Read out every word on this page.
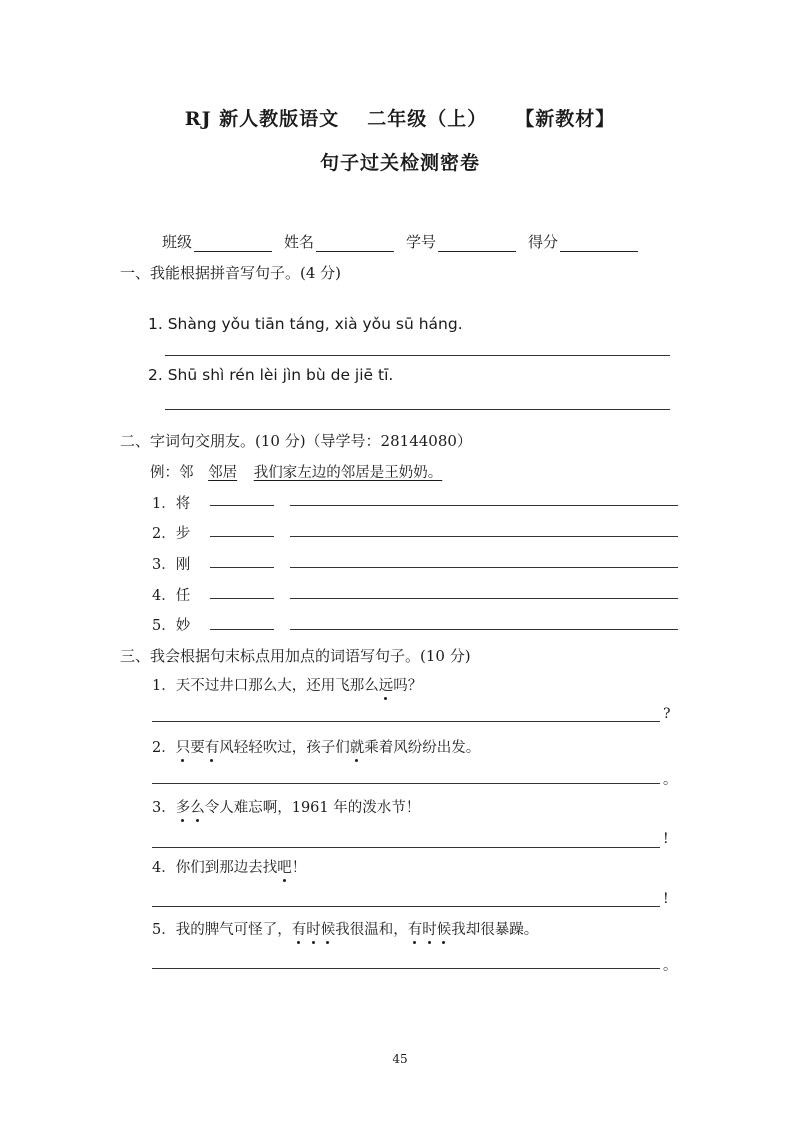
RJ 新人教版语文 二年级（上） 【新教材】
句子过关检测密卷
班级	姓名	学号	得分
一、我能根据拼音写句子。(4 分)
1. Shàng yǒu tiān táng, xià yǒu sū háng.
2. Shū shì rén lèi jìn bù de jiē tī.
二、字词句交朋友。(10 分)（导学号：28144080）
例：邻 邻居 我们家左边的邻居是王奶奶。
1．将
2．步
3．刚
4．任
5．妙
三、我会根据句末标点用加点的词语写句子。(10 分)
1．天不过井口那么大，还用飞那么远吗？
?
2．只要有风轻轻吹过，孩子们就乘着风纷纷出发。
。
3．多么令人难忘啊，1961 年的泼水节！
!
4．你们到那边去找吧！
!
5．我的脾气可怪了，有时候我很温和，有时候我却很暴躁。
。
45
